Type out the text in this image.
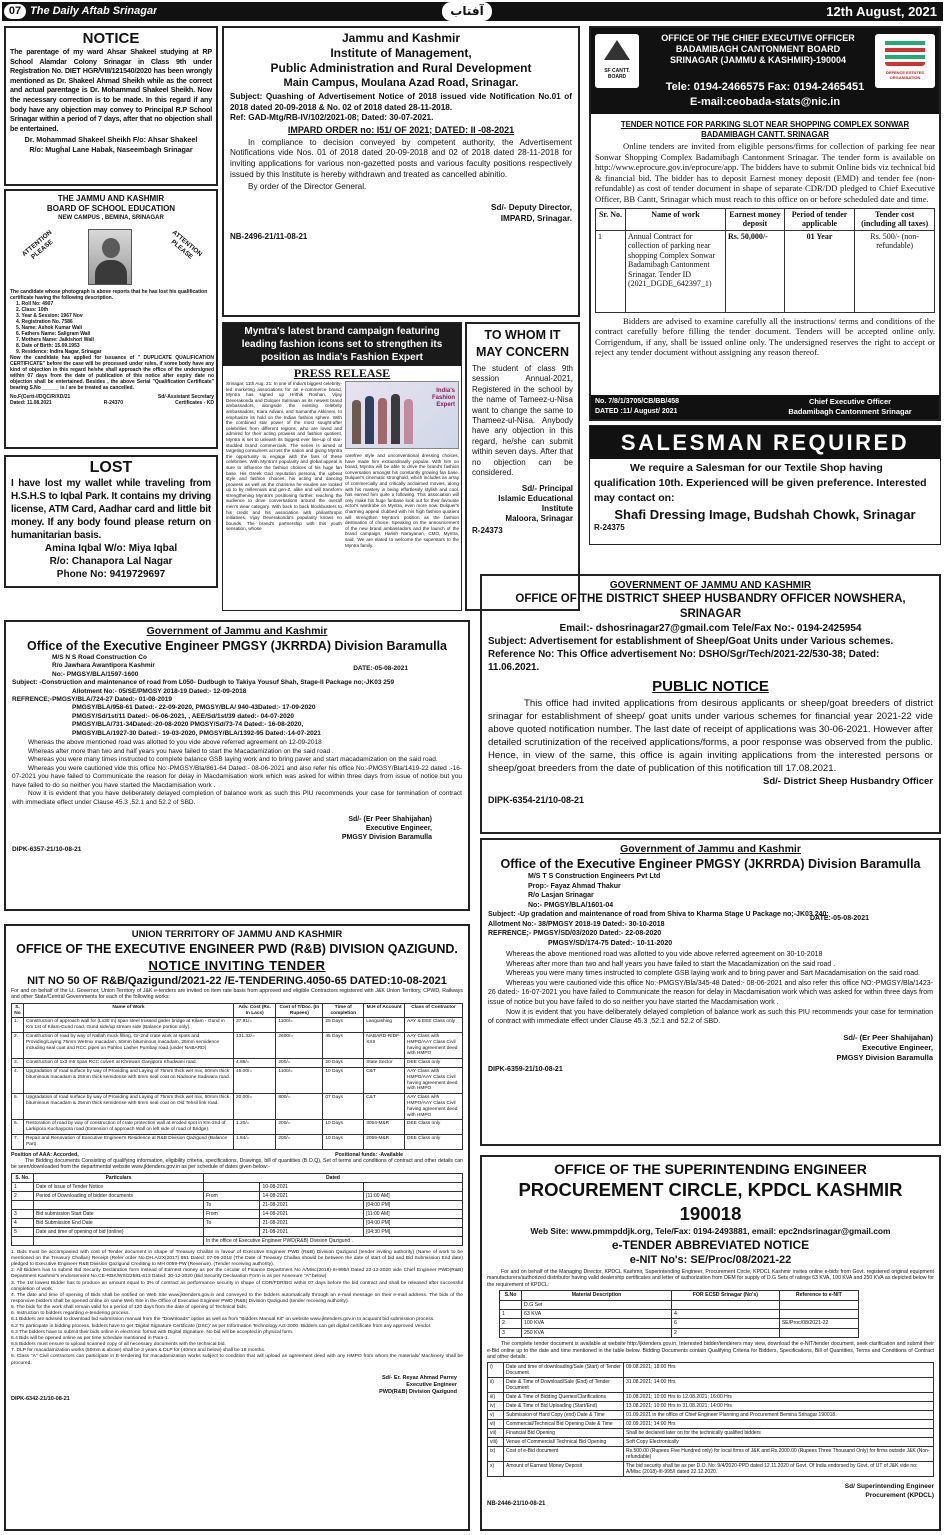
07 The Daily Aftab Srinagar	آفتاب	12th August, 2021
NOTICE
The parentage of my ward Ahsar Shakeel studying at RP School Alamdar Colony Srinagar in Class 9th under Registration No. DIET HGR/VIII/121540/2020 has been wrongly mentioned as Dr. Shakeel Ahmad Sheikh while as the correct and actual parentage is Dr. Mohammad Shakeel Sheikh. Now the necessary correction is to be made. In this regard if any body have any objection may convey to Principal R.P School Srinagar within a period of 7 days, after that no objection shall be entertained.
Dr. Mohammad Shakeel Sheikh F/o: Ahsar Shakeel
R/o: Mughal Lane Habak, Naseembagh Srinagar
THE JAMMU AND KASHMIR
BOARD OF SCHOOL EDUCATION
NEW CAMPUS , BEMINA, SRINAGAR
ATTENTION PLEASE	ATTENTION PLEASE
The candidate whose photograph is above reports that he has lost his qualification certificate having the following description.
1. Roll No: 4907
2. Class: 10th
3. Year & Session: 1967 Nov
4. Registration No. 7586
5. Name: Ashok Kumar Wali
6. Fathers Name: Saligram Wali
7. Mothers Name: Jaikishori Wali
8. Date of Birth: 15.09.1953
9. Residence: Indira Nagar, Srinagar
Now the candidate has applied for issuance of " DUPLICATE QUALIFICATION CERTIFICATE" before the case will be processed under rules, if some body have any kind of objection in this regard he/she shall approach the office of the undersigned within 07 days from the date of publication of this notice after expiry date no objection shall be entertained. Besides , the above Serial "Qualification Certificate" bearing S.No ______ is / are be treated as cancelled.
No.F(Certt-I/DQC/R/XD/21	Sd/-Assistant Secretary
Dated: 11.08.2021	R-24370	Certificates - KD
LOST
I have lost my wallet while traveling from H.S.H.S to Iqbal Park. It contains my driving license, ATM Card, Aadhar card and little bit money. If any body found please return on humanitarian basis.
Amina Iqbal W/o: Miya Iqbal
R/o: Chanapora Lal Nagar
Phone No: 9419729697
Jammu and Kashmir
Institute of Management,
Public Administration and Rural Development
Main Campus, Moulana Azad Road, Srinagar.
Subject: Quashing of Advertisement Notice of 2018 issued vide Notification No.01 of 2018 dated 20-09-2018 & No. 02 of 2018 dated 28-11-2018.
Ref: GAD-Mtg/RB-IV/102/2021-08; Dated: 30-07-2021.
IMPARD ORDER no: I51/ OF 2021; DATED: II -08-2021
In compliance to decision conveyed by competent authority, the Advertisement Notifications vide Nos. 01 of 2018 dated 20-09-2018 and 02 of 2018 dated 28-11-2018 for inviting applications for various non-gazetted posts and various faculty positions respectively issued by this Institute is hereby withdrawn and treated as cancelled abinitio.
By order of the Director General.
Sd/- Deputy Director,
IMPARD, Srinagar.
NB-2496-21/11-08-21
Myntra's latest brand campaign featuring leading fashion icons set to strengthen its position as India's Fashion Expert
PRESS RELEASE
Srinagar, 11th Aug. 21: In one of India's biggest celebrity-led marketing associations for an e-commerce brand, Myntra has signed up Hrithik Roshan, Vijay Deverakonda and Dulquer Salmaan as its newest brand ambassadors, alongside the existing celebrity ambassadors, Kiara Advani, and Samantha Akkineni, to emphasize its hold on the Indian fashion sphere. With the combined star power of the most sought-after celebrities from different regions, who are loved and admired for their acting prowess and fashion quotient, Myntra is set to unleash its biggest ever line-up of star-studded brand commercials. The series is aimed at targeting consumers across the nation and giving Myntra the opportunity to engage with the fans of these celebrities. With Myntra's popularity and global appeal is sure to influence the fashion choices of his huge fan base. His Greek God reputation persona, the upbeat style and fashion choices, his acting and dancing prowess as well as the charisma he exudes are looked up to by millennials and gen-Z, alike and will transform strengthening Myntra's positioning further, reaching the audience to drive conversations around the overall men's wear category. With back to back blockbusters to his credit and his association with philanthropic initiatives, Vijay Deverakonda's popularity knows no bounds. The brand's partnership with this youth sensation, whose
India's Fashion Expert
carefree style and unconventional dressing choices, have made him extraordinarily popular. With him on board, Myntra will be able to drive the brand's fashion conversation amongst his constantly growing fan base. Dulquer's cinematic stronghold, which includes an array of commercially and critically acclaimed movies, along with his mastery in being effortlessly stylish and cool, has earned him quite a following. This association will only make his huge fanbase look out for their favourite actor's wardrobe on Myntra, even more now. Dulquer's charming appeal clubbed with his high fashion quotient will strengthen Myntra's position as the fashion destination of choice. Speaking on the announcement of the new brand ambassadors and the launch of the brand campaign, Harish Narayanan, CMO, Myntra, said, 'We are elated to welcome the superstars to the Myntra family.
TO WHOM IT MAY CONCERN
The student of class 9th session Annual-2021, Registered in the school by the name of Tameez-u-Nisa want to change the same to Thameez-ul-Nisa. Anybody have any objection in this regard, he/she can submit within seven days. After that no objection can be considered.
Sd/- Principal
Islamic Educational
Institute
Maloora, Srinagar
R-24373
SF CANTT. BOARD
DEFENCE ESTATES ORGANISATION
OFFICE OF THE CHIEF EXECUTIVE OFFICER
BADAMIBAGH CANTONMENT BOARD
SRINAGAR (JAMMU & KASHMIR)-190004
Tele: 0194-2466575 Fax: 0194-2465451
E-mail:ceobada-stats@nic.in
TENDER NOTICE FOR PARKING SLOT NEAR SHOPPING COMPLEX SONWAR BADAMIBAGH CANTT. SRINAGAR
Online tenders are invited from eligible persons/firms for collection of parking fee near Sonwar Shopping Complex Badamibagh Cantonment Srinagar. The tender form is available on http://www.eprocure.gov.in/eprocure/app. The bidders have to submit Online bids viz technical bid & financial bid. The bidder has to deposit Earnest money deposit (EMD) and tender fee (non-refundable) as cost of tender document in shape of separate CDR/DD pledged to Chief Executive Officer, BB Cantt, Srinagar which must reach to this office on or before scheduled date and time.
Sr. No.	Name of work	Earnest money deposit	Period of tender applicable	Tender cost (including all taxes)
1	Annual Contract for collection of parking near shopping Complex Sonwar Badamibagh Cantonment Srinagar. Tender ID (2021_DGDE_642397_1)	Rs. 50,000/-	01 Year	Rs. 500/- (non-refundable)
Bidders are advised to examine carefully all the instructions/ terms and conditions of the contract carefully before filling the tender document. Tenders will be accepted online only. Corrigendum, if any, shall be issued online only. The undersigned reserves the right to accept or reject any tender document without assigning any reason thereof.
No. 7/8/1/3705/CB/BB/458
DATED :11/ August/ 2021
Chief Executive Officer
Badamibagh Cantonment Srinagar
SALESMAN REQUIRED
We require a Salesman for our Textile Shop having qualification 10th. Experienced will be given preference. Interested may contact on:
Shafi Dressing Image, Budshah Chowk, Srinagar
R-24375
GOVERNMENT OF JAMMU AND KASHMIR
OFFICE OF THE DISTRICT SHEEP HUSBANDRY OFFICER NOWSHERA, SRINAGAR
Email:- dshosrinagar27@gmail.com Tele/Fax No:- 0194-2425954
Subject: Advertisement for establishment of Sheep/Goat Units under Various schemes.
Reference No: This Office advertisement No: DSHO/Sgr/Tech/2021-22/530-38; Dated: 11.06.2021.
PUBLIC NOTICE
This office had invited applications from desirous applicants or sheep/goat breeders of district srinagar for establishment of sheep/ goat units under various schemes for financial year 2021-22 vide above quoted notification number. The last date of receipt of applications was 30-06-2021. However after detailed scrutinization of the received applications/forms, a poor response was observed from the public. Hence, in view of the same, this office is again inviting applications from the interested persons or sheep/goat breeders from the date of publication of this notification till 17.08.2021.
Sd/- District Sheep Husbandry Officer
DIPK-6354-21/10-08-21
Government of Jammu and Kashmir
Office of the Executive Engineer PMGSY (JKRRDA) Division Baramulla
DATE:-05-08-2021
M/S N S Road Construction Co
R/o Jawhara Awantipora Kashmir
No:- PMGSY/BLA/1597-1600
Subject: -Construction and maintenance of road from L050- Dudbugh to Takiya Yousuf Shah, Stage-II Package no;-JK03 259
Allotment No:- 05/SE/PMGSY 2018-19 Dated:- 12-09-2018
REFRENCE;-PMGSY/BLA/724-27 Dated:- 01-08-2019
PMGSY/BLA/958-61 Dated:- 22-09-2020, PMGSY/BLA/ 940-43Dated:- 17-09-2020
PMGSY/Sd/1st/11 Dated:- 06-06-2021, , AEE/Sd/1st/39 dated:- 04-07-2020
PMGSY/BLA/731-34Dated:-20-08-2020 PMGSY/Sd/73-74 Dated:- 16-08-2020,
PMGSY/BLA/1927-30 Dated:- 19-03-2020, PMGSY/BLA/1392-95 Dated:-14-07-2021
Whereas the above mentioned road was allotted to you vide above referred agreement on 12-09-2018
Whereas after more than two and half years you have failed to start the Macadamization on the said road .
Whereas you were many times instructed to complete balance GSB laying work and to bring paver and start macadamization on the said road.
Whereas you were cautioned vide this office No:-PMGSY/Bla/861-64 Dated:- 08-06-2021 and also refer his office No:-PMGSY/Bla/1419-22 dated :-16-07-2021 you have failed to Communicate the reason for delay in Macdamisation work which was asked for within three days from issue of notice but you have failed to do so neither you have started the Macdamisation work .
Now it is evident that you have deliberately delayed completion of balance work as such this PIU recommends your case for termination of contract with immediate effect under Clause 45.3 ,52.1 and 52.2 of SBD.
Sd/- (Er Peer Shahijahan)
Executive Engineer,
PMGSY Division Baramulla
DIPK-6357-21/10-08-21	Government of Jammu and Kashmir
Office of the Executive Engineer PMGSY (JKRRDA) Division Baramulla
DATE:-05-08-2021
M/S T S Construction Engineers Pvt Ltd
Prop:- Fayaz Ahmad Thakur
R/o Lasjan Srinagar
No:- PMGSY/BLA/1601-04
Subject: -Up gradation and maintenance of road from Shiva to Kharma Stage U Package no;-JK03 240;
Allotment No:- 38/PMGSY 2018-19 Dated:- 30-10-2018
REFRENCE;- PMGSY/SD/03/2020 Dated:- 22-08-2020
PMGSY/SD/174-75 Dated:- 10-11-2020
Whereas the above mentioned road was allotted to you vide above referred agreement on 30-10-2018
Whereas after more than two and half years you have failed to start the Macadamization on the said road .
Whereas you were many times instructed to complete GSB laying work and to bring paver and Sart Macadamisation on the said road.
Whereas you were cautioned vide this office No:-PMGSY/Bla/345-48 Dated:- 08-06-2021 and also refer this office NO:-PMGSY/Bla/1423-26 dated:- 16-07-2021 you have failed to Communicate the reason for delay in Macdamisation work which was asked for within three days from issue of notice but you have failed to do so neither you have started the Macdamisation work .
Now it is evident that you have deliberately delayed completion of balance work as such this PIU recommends your case for termination of contract with immediate effect under Clause 45.3 ,52.1 and 52.2 of SBD.
Sd/- (Er Peer Shahijahan)
Executive Engineer,
PMGSY Division Baramulla
DIPK-6359-21/10-08-21
UNION TERRITORY OF JAMMU AND KASHMIR
OFFICE OF THE EXECUTIVE ENGINEER PWD (R&B) DIVISION QAZIGUND.
NOTICE INVITING TENDER
NIT NO 50 OF R&B/Qazigund/2021-22 /E-TENDERING.4050-65 DATED:10-08-2021
For and on behalf of the Lt. Governor, Union Territory of J&K e-tenders are invited on item rate basis from approved and eligible Contractors registered with J&K Union Territory, CPWD, Railways and other State/Central Governments for each of the following works:
S. No	Name of Work	Adv. Cost (Rs. In Lacs)	Cost of T/Doc. (In Rupees)	Time of completion	M.H of Account	Class of Contractor
1.	Construction of approach wall for (Lx30 m) span steel trussed girder bridge at Kilam - Gund in Km 1st of Kilam-Gund road, Gund side/up stream side (Balance portion only).	37.91/=	1100/=	25 Days	Languishing	AAY & EEE Class only
2.	Construction of road by way of Nallah muck filling, Gr-2nd crate work at spots and Providing/Laying 75mm Wetmix macadam, 50mm bituminous macadam, 25mm semidence including seal coat and RCC pipes on Pahloo Lasher Pumbay road.(under NABARD)	131.32/=	2600/=	45 Days	NABARD-RIDF-XXII	AAY Class with HMPO/AAY Class Civil having agreement deed with HMPO
3.	Construction of 1x3 mtr span RCC culvert at Khrewan Ganjipora Khudwani road.	4.86/=	200/=	20 Days	State Sector	DEE Class only
4.	Upgradation of road surface by way of Providing and Laying of 75mm thick wet mix, 50mm thick bituminous macadam & 25mm thick semidense with 6mm seal coat on Nadoone Sadiwara road.	45.00/=	1100/=	10 Days	C&T	AAY Class with HMPO/AAY Class Civil having agreement deed with HMPO
5.	Upgradation of road surface by way of Providing and Laying of 75mm thick wet mix, 50mm thick bituminous macadam & 25mm thick semidense with 6mm seal coat on Old Tehsil link road.	20.00/=	800/=	07 Days	C&T	AAY Class with HMPO/AAY Class Civil having agreement deed with HMPO
6.	Restoration of road by way of construction of crate protection wall at eroded spot in Km-2nd of Larkipora Kuchaypora road (Extension of approach Wall on left side of road of Bridge).	1.20/=	200/=	10 Days	3054-M&R	DEE Class only
7.	Repair and Renovation of Executive Engineer's Residence at R&B Division Qazigund (Balance Part).	1.84/=	200/=	10 Days	2059-M&R	DEE Class only
Position of AAA: Accorded,	Positional funds: -Available
The Bidding documents Consisting of qualifying information, eligibility criteria, specifications, Drawings, bill of quantities (B.O.Q), Set of terms and conditions of contract and other details can be seen/downloaded from the departmental website www.jktenders.gov.in as per schedule of dates given below:-
S. No.	Particulars	Dated		
1	Date of Issue of Tender Notice		10-08-2021	
2	Period of Downloading of bidder documents	From	14-08-2021	[11:00 AM]
		To	21-08-2021	[04:00 PM]
3	Bid submission Start Date	From	14-08-2021	[11:00 AM]
4	Bid Submission End Date	To	21-08-2021	[04:00 PM]
5	Date and time of opening of bid (online)		21-08-2021	[04:30 PM]
		In the office of Executive Engineer PWD(R&B) Division Qazigund .		
1. Bids must be accompanied with cost of Tender document in shape of Treasury Challan in favour of Executive Engineer PWD (R&B) Division Qazigund (tender inviting authority) (Name of work to be mentioned on the Treasury Challan) Receipt (Refer order No.DH.A/2X(2017) 651 Dated: 07-06-2018 (The Date of Treasury Challan should be between the date of start of bid and Bid Submission End date) pledged to Executive Engineer R&B Division Qazigund Crediting to MH 0059-PW (Revenue). (Tender receiving authority).
2. All Bidders has to submit Bid Security Declaration form instead of Earnest money as per the circular of Finance Department No A/Misc(2018)-III-995/I Dated 22-12-2020 vide Chief Engineer PWD(R&B) Department Kashmir's endorsement No.CE-RBK/WS/22581-613 Dated: 30-12-2020 (Bid Security Declaration Form is as per Annexure "A" below)
3. The 1st lowest Bidder has to produce an amount equal to 3% of contract as performance security in shape of CDR/FDR/BG within 07 days before the bid contract and shall be released after successful completion of work.
4. The date and time of opening of Bids shall be notified on Web Site www.jktenders.gov.in and conveyed to the bidders automatically through an e-mail message on their e-mail address. The bids of the responsive bidders shall be opened online on same Web Site in the Office of Executive Engineer PWD (R&B) Division Qazigund (tender receiving authority).
5. The bids for the work shall remain valid for a period of 120 days from the date of opening of Technical bids.
6. Instruction to bidders regarding e-tendering process.
6.1 Bidders are advised to download bid submission manual from the "Downloads" option as well as from "Bidders Manual Kit" on website www.jktenders.gov.in to acquaint bid submission process.
6.2 To participate in bidding process, bidders have to get 'Digital Signature Certificate (DSC)' as per Information Technology Act-2000. Bidders can get digital certificate from any approved Vendor.
6.3 The bidders have to submit their bids online in electronic format with Digital Signature. No bid will be accepted in physical form.
6.4 Bids will be opened online as per time schedule mentioned in Para-1.
6.5 Bidders must ensure to upload scanned copy of all necessary documents with the technical bid.
7. DLP for macadamization works (50mm & above) shall be 3 years & DLP for (40mm and below) shall be 18 months.
8. Class "A" Civil contractors can participate in E-tendering for macadamization works subject to condition that will upload an agreement deed with any HMPO from whom the materials/ Machinery shall be procured.
Sd/- Er. Reyaz Ahmad Parrey
Executive Engineer
PWD(R&B) Division Qazigund
DIPK-6342-21/10-08-21
OFFICE OF THE SUPERINTENDING ENGINEER
PROCUREMENT CIRCLE, KPDCL KASHMIR 190018
Web Site: www.pmmpddjk.org, Tele/Fax: 0194-2493881, email: epc2ndsrinagar@gmail.com
e-TENDER ABBREVIATED NOTICE
e-NIT No's: SE/Proc/08/2021-22
For and on behalf of the Managing Director, KPDCL Kashmir, Superintending Engineer, Procurement Circle, KPDCL Kashmir invites online e-bids from Govt. registered original equipment manufacturers/authorized distributor having valid dealership certificates and letter of authorization from OEM for supply of D.G Sets of ratings 63 KVA, 100 KVA and 250 KVA as depicted below for the requirement of KPDCL:
S.No	Material Description	FOR ECSD Srinagar (No's)	Reference to e-NIT
	D.G Set		
1	63 KVA	4	
2	100 KVA	6	SE/Proc/08/2021-22
3	250 KVA	2	
The complete tender document is available at website http://jktenders.gov.in. Interested bidder/tenderers may view, download the e-NIT/tender document, seek clarification and submit their e-Bid online up to the date and time mentioned in the table below. Bidding Documents contain Qualifying Criteria for Bidders, Specifications, Bill of Quantities, Terms and Conditions of Contract and other details.
i)	Date and time of downloading/Sale (Start) of Tender Document	09.08.2021; 18:00 Hrs
ii)	Date & Time of Download/Sale (End) of Tender Document	31.08.2021; 14:00 Hrs
iii)	Date & Time of Bidding Queries/Clarifications	10.08.2021; 10:00 Hrs to 12.08.2021; 16:00 Hrs
iv)	Date & Time of Bid Uploading (Start/End)	13.08.2021; 10:00 Hrs to 31.08.2021; 14:00 Hrs
v)	Submission of Hard Copy (end) Date & Time	01.09.2021 in the office of Chief Engineer Planning and Procurement Bemina Srinagar 190018.
vi)	Commercial/Technical Bid Opening Date & Time	02.09.2021; 14:00 Hrs
vii)	Financial Bid Opening	Shall be declared later on for the technically qualified bidders
viii)	Venue of Commercial/ Technical Bid Opening	Soft Copy Electronically
ix)	Cost of e-Bid document	Rs.500.00 (Rupees Five Hundred only) for local firms of J&K and Rs.2000.00 (Rupees Three Thousand Only) for firms outside J&K (Non-refundable)
x)	Amount of Earnest Money Deposit	The bid security shall be as per D.O. No: 9/4/2020-PPD dated 12.11.2020 of Govt. Of India endorsed by Govt. of UT of J&K vide no: A/Misc (2018)-III-995/I dated 22.12.2020.
Sd/ Superintending Engineer
Procurement (KPDCL)
NB-2446-21/10-08-21
